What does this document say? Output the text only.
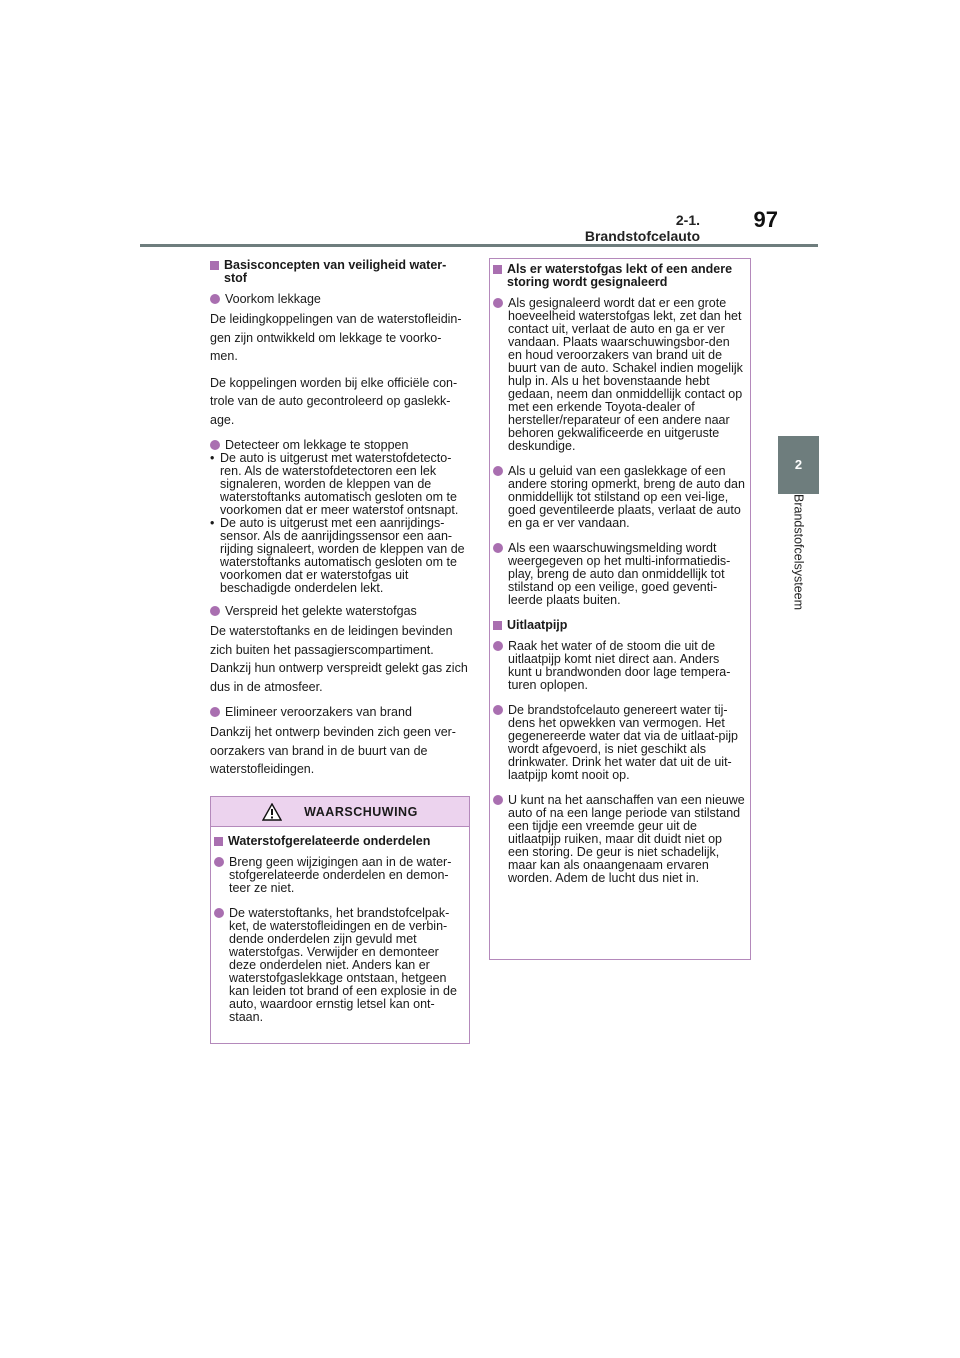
2-1. Brandstofcelauto
97
2
Brandstofcelsysteem
Basisconcepten van veiligheid water-stof
Voorkom lekkage

De leidingkoppelingen van de waterstofleidin-gen zijn ontwikkeld om lekkage te voorko-men.

De koppelingen worden bij elke officiële con-trole van de auto gecontroleerd op gaslekk-age.

Detecteer om lekkage te stoppen
• De auto is uitgerust met waterstofdetecto-ren. Als de waterstofdetectoren een lek signaleren, worden de kleppen van de waterstoftanks automatisch gesloten om te voorkomen dat er meer waterstof ontsnapt.
• De auto is uitgerust met een aanrijdings-sensor. Als de aanrijdingssensor een aan-rijding signaleert, worden de kleppen van de waterstoftanks automatisch gesloten om te voorkomen dat er waterstofgas uit beschadigde onderdelen lekt.
Verspreid het gelekte waterstofgas

De waterstoftanks en de leidingen bevinden zich buiten het passagierscompartiment. Dankzij hun ontwerp verspreidt gelekt gas zich dus in de atmosfeer.

Elimineer veroorzakers van brand

Dankzij het ontwerp bevinden zich geen ver-oorzakers van brand in de buurt van de waterstofleidingen.

WAARSCHUWING
Waterstofgerelateerde onderdelen
Breng geen wijzigingen aan in de water-stofgerelateerde onderdelen en demon-teer ze niet.
De waterstoftanks, het brandstofcelpak-ket, de waterstofleidingen en de verbin-dende onderdelen zijn gevuld met waterstofgas. Verwijder en demonteer deze onderdelen niet. Anders kan er waterstofgaslekkage ontstaan, hetgeen kan leiden tot brand of een explosie in de auto, waardoor ernstig letsel kan ont-staan.
Als er waterstofgas lekt of een andere storing wordt gesignaleerd
Als gesignaleerd wordt dat er een grote hoeveelheid waterstofgas lekt, zet dan het contact uit, verlaat de auto en ga er ver vandaan. Plaats waarschuwingsbor-den en houd veroorzakers van brand uit de buurt van de auto. Schakel indien mogelijk hulp in. Als u het bovenstaande hebt gedaan, neem dan onmiddellijk contact op met een erkende Toyota-dealer of hersteller/reparateur of een andere naar behoren gekwalificeerde en uitgeruste deskundige.
Als u geluid van een gaslekkage of een andere storing opmerkt, breng de auto dan onmiddellijk tot stilstand op een vei-lige, goed geventileerde plaats, verlaat de auto en ga er ver vandaan.
Als een waarschuwingsmelding wordt weergegeven op het multi-informatiedis-play, breng de auto dan onmiddellijk tot stilstand op een veilige, goed geventi-leerde plaats buiten.
Uitlaatpijp
Raak het water of de stoom die uit de uitlaatpijp komt niet direct aan. Anders kunt u brandwonden door lage tempera-turen oplopen.
De brandstofcelauto genereert water tij-dens het opwekken van vermogen. Het gegenereerde water dat via de uitlaat-pijp wordt afgevoerd, is niet geschikt als drinkwater. Drink het water dat uit de uit-laatpijp komt nooit op.
U kunt na het aanschaffen van een nieuwe auto of na een lange periode van stilstand een tijdje een vreemde geur uit de uitlaatpijp ruiken, maar dit duidt niet op een storing. De geur is niet schadelijk, maar kan als onaangenaam ervaren worden. Adem de lucht dus niet in.
